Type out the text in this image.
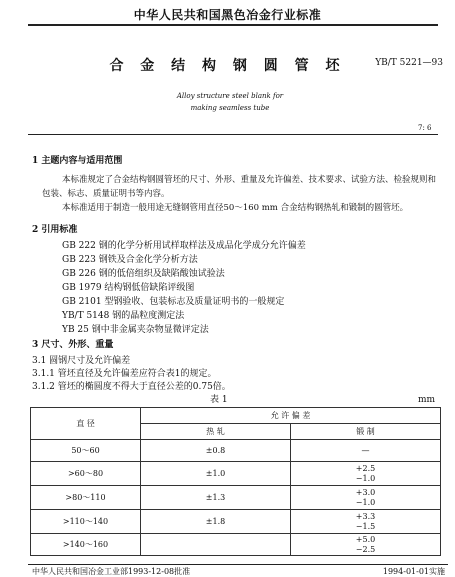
中华人民共和国黑色冶金行业标准
合 金 结 构 钢 圆 管 坯	YB/T 5221—93
Alloy structure steel blank for
making seamless tube
7: 6
1 主题内容与适用范围
本标准规定了合金结构钢圆管坯的尺寸、外形、重量及允许偏差、技术要求、试验方法、检验规则和
包装、标志、质量证明书等内容。
本标准适用于制造一般用途无缝钢管用直径50～160 mm 合金结构钢热轧和锻制的圆管坯。
2 引用标准
GB 222 钢的化学分析用试样取样法及成品化学成分允许偏差
GB 223 钢铁及合金化学分析方法
GB 226 钢的低倍组织及缺陷酸蚀试验法
GB 1979 结构钢低倍缺陷评级图
GB 2101 型钢验收、包装标志及质量证明书的一般规定
YB/T 5148 钢的晶粒度测定法
YB 25 钢中非金属夹杂物显微评定法
3 尺寸、外形、重量
3.1 圆钢尺寸及允许偏差
3.1.1 管坯直径及允许偏差应符合表1的规定。
3.1.2 管坯的椭圆度不得大于直径公差的0.75倍。
表 1	mm
直 径	允 许 偏 差	
	热 轧	锻 制
50～60	±0.8	—

>60～80	±1.0	+2.5
−1.0

>80～110	±1.3	+3.0
−1.0

>110～140	±1.8	+3.3
−1.5

>140～160		+5.0
−2.5
中华人民共和国冶金工业部1993-12-08批准	1994-01-01实施
